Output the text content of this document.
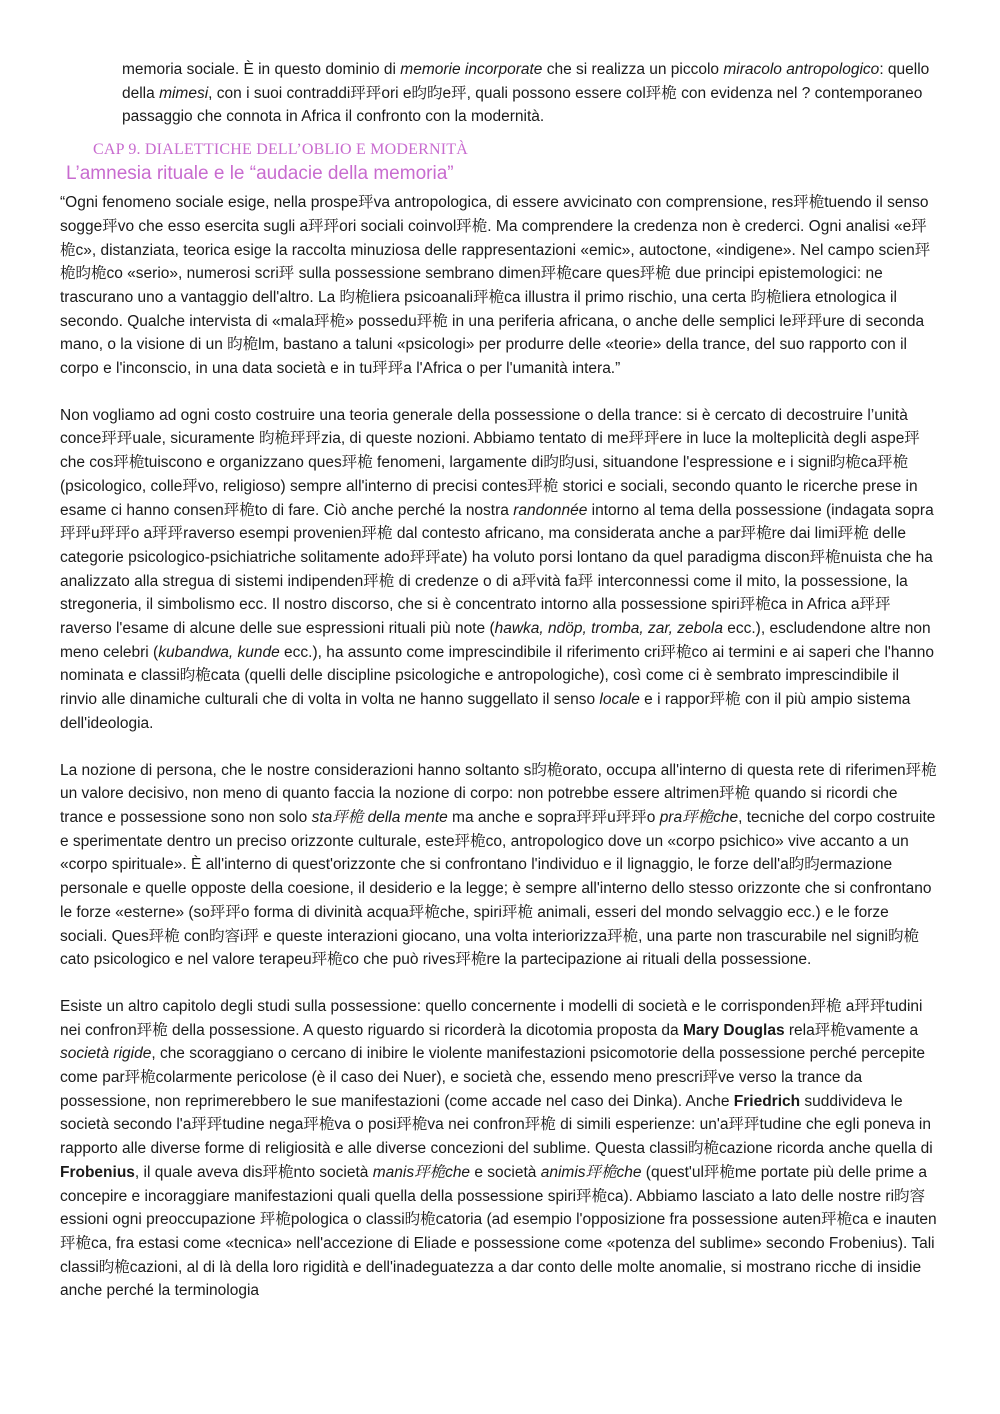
memoria sociale. È in questo dominio di memorie incorporate che si realizza un piccolo miracolo antropologico: quello della mimesi, con i suoi contraddi玶玶ori e昀昀e玶, quali possono essere col玶桅 con evidenza nel ? contemporaneo passaggio che connota in Africa il confronto con la modernità.

CAP 9. DIALETTICHE DELL’OBLIO E MODERNITÀ
L’amnesia rituale e le “audacie della memoria”

“Ogni fenomeno sociale esige, nella prospe玶va antropologica, di essere avvicinato con comprensione, res玶桅tuendo il senso sogge玶vo che esso esercita sugli a玶玶ori sociali coinvol玶桅. Ma comprendere la credenza non è crederci. Ogni analisi «e玶桅c», distanziata, teorica esige la raccolta minuziosa delle rappresentazioni «emic», autoctone, «indigene». Nel campo scien玶桅昀桅co «serio», numerosi scri玶 sulla possessione sembrano dimen玶桅care ques玶桅 due principi epistemologici: ne trascurano uno a vantaggio dell'altro. La 昀桅liera psicoanali玶桅ca illustra il primo rischio, una certa 昀桅liera etnologica il secondo. Qualche intervista di «mala玶桅» possedu玶桅 in una periferia africana, o anche delle semplici le玶玶ure di seconda mano, o la visione di un 昀桅lm, bastano a taluni «psicologi» per produrre delle «teorie» della trance, del suo rapporto con il corpo e l'inconscio, in una data società e in tu玶玶a l'Africa o per l'umanità intera.”

Non vogliamo ad ogni costo costruire una teoria generale della possessione o della trance: si è cercato di decostruire l’unità conce玶玶uale, sicuramente 昀桅玶玶zia, di queste nozioni. Abbiamo tentato di me玶玶ere in luce la molteplicità degli aspe玶 che cos玶桅tuiscono e organizzano ques玶桅 fenomeni, largamente di昀昀usi, situandone l'espressione e i signi昀桅ca玶桅 (psicologico, colle玶vo, religioso) sempre all'interno di precisi contes玶桅 storici e sociali, secondo quanto le ricerche prese in esame ci hanno consen玶桅to di fare. Ciò anche perché la nostra randonnée intorno al tema della possessione (indagata sopra玶玶u玶玶o a玶玶raverso esempi provenien玶桅 dal contesto africano, ma considerata anche a par玶桅re dai limi玶桅 delle categorie psicologico-psichiatriche solitamente ado玶玶ate) ha voluto porsi lontano da quel paradigma discon玶桅nuista che ha analizzato alla stregua di sistemi indipenden玶桅 di credenze o di a玶vità fa玶 interconnessi come il mito, la possessione, la stregoneria, il simbolismo ecc. Il nostro discorso, che si è concentrato intorno alla possessione spiri玶桅ca in Africa a玶玶raverso l'esame di alcune delle sue espressioni rituali più note (hawka, ndöp, tromba, zar, zebola ecc.), escludendone altre non meno celebri (kubandwa, kunde ecc.), ha assunto come imprescindibile il riferimento cri玶桅co ai termini e ai saperi che l'hanno nominata e classi昀桅cata (quelli delle discipline psicologiche e antropologiche), così come ci è sembrato imprescindibile il rinvio alle dinamiche culturali che di volta in volta ne hanno suggellato il senso locale e i rappor玶桅 con il più ampio sistema dell'ideologia.

La nozione di persona, che le nostre considerazioni hanno soltanto s昀桅orato, occupa all'interno di questa rete di riferimen玶桅 un valore decisivo, non meno di quanto faccia la nozione di corpo: non potrebbe essere altrimen玶桅 quando si ricordi che trance e possessione sono non solo sta玶桅 della mente ma anche e sopra玶玶u玶玶o pra玶桅che, tecniche del corpo costruite e sperimentate dentro un preciso orizzonte culturale, este玶桅co, antropologico dove un «corpo psichico» vive accanto a un «corpo spirituale». È all'interno di quest'orizzonte che si confrontano l'individuo e il lignaggio, le forze dell'a昀昀ermazione personale e quelle opposte della coesione, il desiderio e la legge; è sempre all'interno dello stesso orizzonte che si confrontano le forze «esterne» (so玶玶o forma di divinità acqua玶桅che, spiri玶桅 animali, esseri del mondo selvaggio ecc.) e le forze sociali. Ques玶桅 con昀䆟i玶 e queste interazioni giocano, una volta interiorizza玶桅, una parte non trascurabile nel signi昀桅cato psicologico e nel valore terapeu玶桅co che può rives玶桅re la partecipazione ai rituali della possessione.

Esiste un altro capitolo degli studi sulla possessione: quello concernente i modelli di società e le corrisponden玶桅 a玶玶tudini nei confron玶桅 della possessione. A questo riguardo si ricorderà la dicotomia proposta da Mary Douglas rela玶桅vamente a società rigide, che scoraggiano o cercano di inibire le violente manifestazioni psicomotorie della possessione perché percepite come par玶桅colarmente pericolose (è il caso dei Nuer), e società che, essendo meno prescri玶ve verso la trance da possessione, non reprimerebbero le sue manifestazioni (come accade nel caso dei Dinka). Anche Friedrich suddivideva le società secondo l'a玶玶tudine nega玶桅va o posi玶桅va nei confron玶桅 di simili esperienze: un'a玶玶tudine che egli poneva in rapporto alle diverse forme di religiosità e alle diverse concezioni del sublime. Questa classi昀桅cazione ricorda anche quella di Frobenius, il quale aveva dis玶桅nto società manis玶桅che e società animis玶桅che (quest'ul玶桅me portate più delle prime a concepire e incoraggiare manifestazioni quali quella della possessione spiri玶桅ca). Abbiamo lasciato a lato delle nostre ri昀䆟essioni ogni preoccupazione 玶桅pologica o classi昀桅catoria (ad esempio l'opposizione fra possessione auten玶桅ca e inauten玶桅ca, fra estasi come «tecnica» nell'accezione di Eliade e possessione come «potenza del sublime» secondo Frobenius). Tali classi昀桅cazioni, al di là della loro rigidità e dell'inadeguatezza a dar conto delle molte anomalie, si mostrano ricche di insidie anche perché la terminologia
